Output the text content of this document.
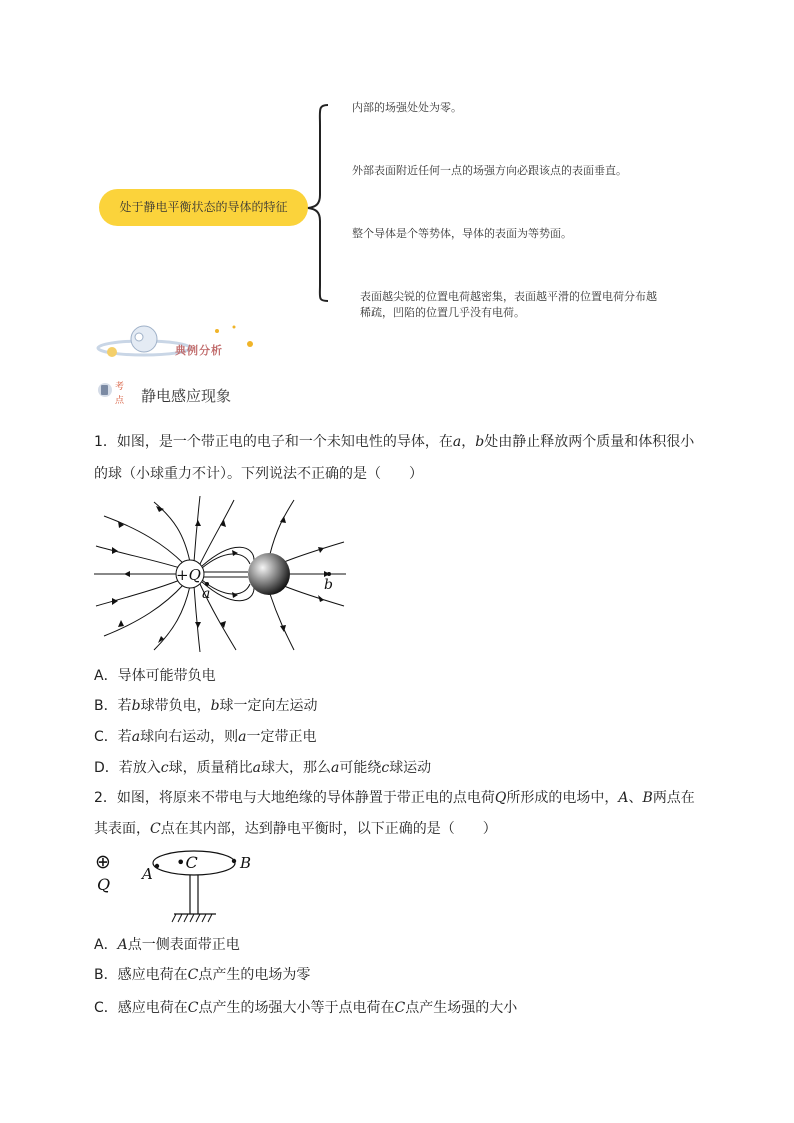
处于静电平衡状态的导体的特征
内部的场强处处为零。
外部表面附近任何一点的场强方向必跟该点的表面垂直。
整个导体是个等势体，导体的表面为等势面。
表面越尖锐的位置电荷越密集，表面越平滑的位置电荷分布越
稀疏，凹陷的位置几乎没有电荷。
典例分析
考
点 静电感应现象
1．如图，是一个带正电的电子和一个未知电性的导体，在a，b处由静止释放两个质量和体积很小
的球（小球重力不计）。下列说法不正确的是（　　）
+Q
a
b
A．导体可能带负电
B．若b球带负电，b球一定向左运动
C．若a球向右运动，则a一定带正电
D．若放入c球，质量稍比a球大，那么a可能绕c球运动
2．如图，将原来不带电与大地绝缘的导体静置于带正电的点电荷Q所形成的电场中，A、B两点在
其表面，C点在其内部，达到静电平衡时，以下正确的是（　　）
⊕
Q
•C
A
B
A．A点一侧表面带正电
B．感应电荷在C点产生的电场为零
C．感应电荷在C点产生的场强大小等于点电荷在C点产生场强的大小
